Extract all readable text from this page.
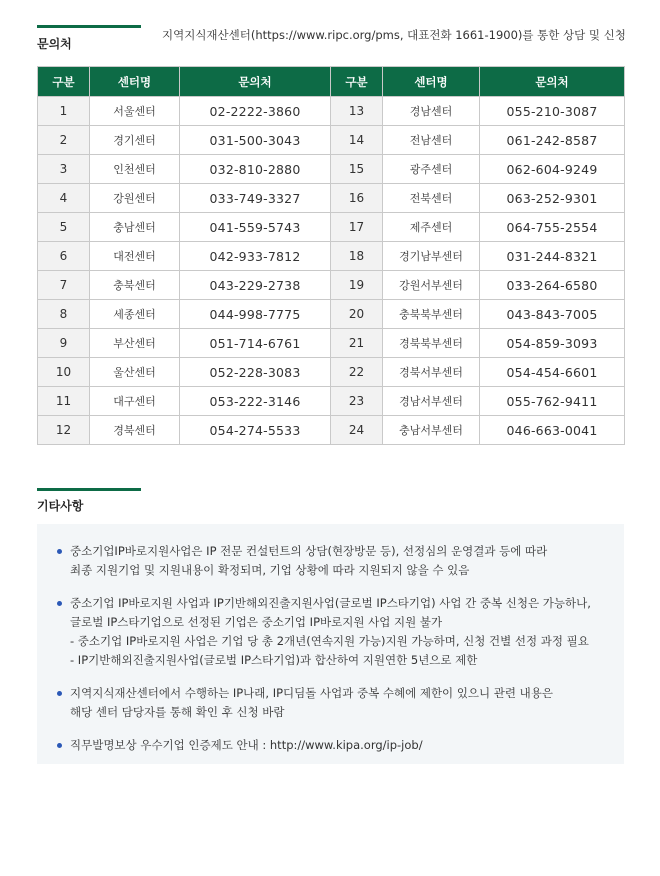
문의처
지역지식재산센터(https://www.ripc.org/pms, 대표전화 1661-1900)를 통한 상담 및 신청
구분	센터명	문의처	구분	센터명	문의처
1	서울센터	02-2222-3860	13	경남센터	055-210-3087
2	경기센터	031-500-3043	14	전남센터	061-242-8587
3	인천센터	032-810-2880	15	광주센터	062-604-9249
4	강원센터	033-749-3327	16	전북센터	063-252-9301
5	충남센터	041-559-5743	17	제주센터	064-755-2554
6	대전센터	042-933-7812	18	경기남부센터	031-244-8321
7	충북센터	043-229-2738	19	강원서부센터	033-264-6580
8	세종센터	044-998-7775	20	충북북부센터	043-843-7005
9	부산센터	051-714-6761	21	경북북부센터	054-859-3093
10	울산센터	052-228-3083	22	경북서부센터	054-454-6601
11	대구센터	053-222-3146	23	경남서부센터	055-762-9411
12	경북센터	054-274-5533	24	충남서부센터	046-663-0041
기타사항
중소기업IP바로지원사업은 IP 전문 컨설턴트의 상담(현장방문 등), 선정심의 운영결과 등에 따라
최종 지원기업 및 지원내용이 확정되며, 기업 상황에 따라 지원되지 않을 수 있음
중소기업 IP바로지원 사업과 IP기반해외진출지원사업(글로벌 IP스타기업) 사업 간 중복 신청은 가능하나,
글로벌 IP스타기업으로 선정된 기업은 중소기업 IP바로지원 사업 지원 불가
- 중소기업 IP바로지원 사업은 기업 당 총 2개년(연속지원 가능)지원 가능하며, 신청 건별 선정 과정 필요
- IP기반해외진출지원사업(글로벌 IP스타기업)과 합산하여 지원연한 5년으로 제한
지역지식재산센터에서 수행하는 IP나래, IP디딤돌 사업과 중복 수혜에 제한이 있으니 관련 내용은
해당 센터 담당자를 통해 확인 후 신청 바람
직무발명보상 우수기업 인증제도 안내 : http://www.kipa.org/ip-job/
